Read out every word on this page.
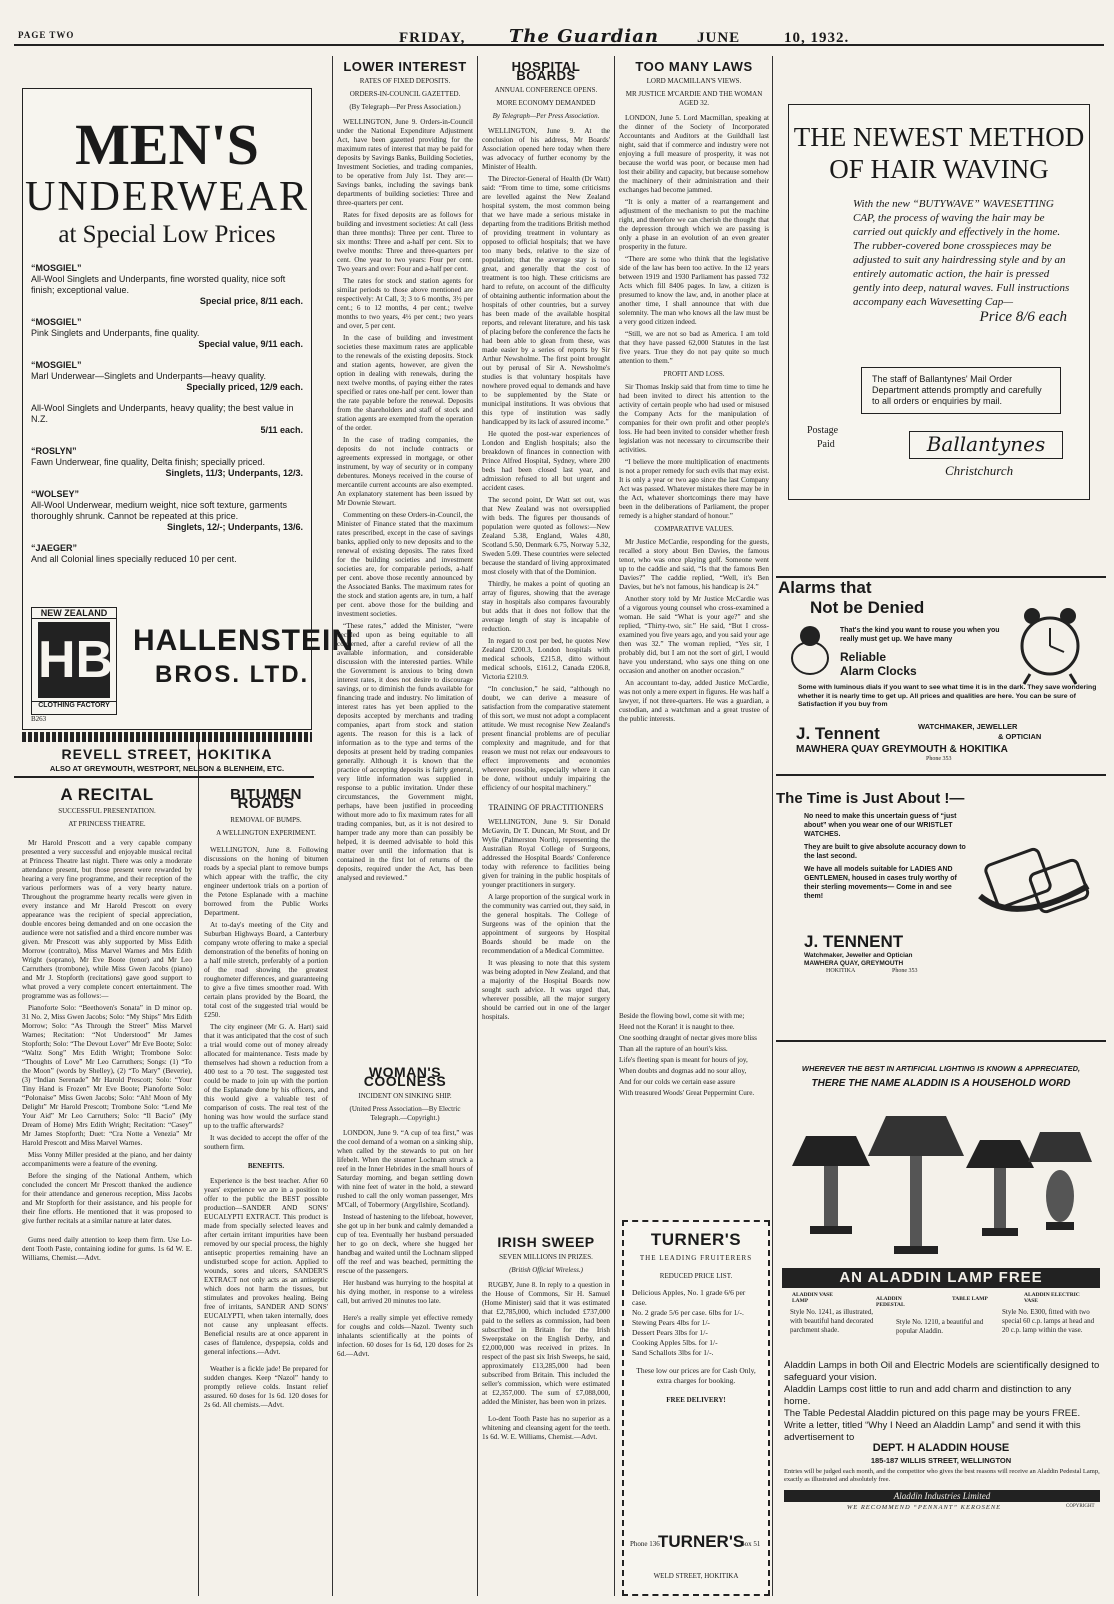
PAGE TWO	FRIDAY, The Guardian	JUNE	10, 1932.
MEN'S
UNDERWEAR
at Special Low Prices
“MOSGIEL”
All-Wool Singlets and Underpants, fine worsted quality, nice soft finish; exceptional value.
Special price, 8/11 each.
“MOSGIEL”
Pink Singlets and Underpants, fine quality.
Special value, 9/11 each.
“MOSGIEL”
Marl Underwear—Singlets and Underpants—heavy quality.
Specially priced, 12/9 each.
All-Wool Singlets and Underpants, heavy quality; the best value in N.Z.
5/11 each.
“ROSLYN”
Fawn Underwear, fine quality, Delta finish; specially priced.
Singlets, 11/3; Underpants, 12/3.
“WOLSEY”
All-Wool Underwear, medium weight, nice soft texture, garments thoroughly shrunk. Cannot be repeated at this price.
Singlets, 12/-; Underpants, 13/6.
“JAEGER”
And all Colonial lines specially reduced 10 per cent.
NEW ZEALAND
HB
CLOTHING FACTORY
HALLENSTEIN
BROS. LTD.
B263
REVELL STREET, HOKITIKA
ALSO AT GREYMOUTH, WESTPORT, NELSON & BLENHEIM, ETC.
A RECITAL
SUCCESSFUL PRESENTATION.
AT PRINCESS THEATRE.

Mr Harold Prescott and a very capable company presented a very successful and enjoyable musical recital at Princess Theatre last night. There was only a moderate attendance present, but those present were rewarded by hearing a very fine programme, and their reception of the various performers was of a very hearty nature. Throughout the programme hearty recalls were given in every instance and Mr Harold Prescott on every appearance was the recipient of special appreciation, double encores being demanded and on one occasion the audience were not satisfied and a third encore number was given. Mr Prescott was ably supported by Miss Edith Morrow (contralto), Miss Marvel Warnes and Mrs Edith Wright (soprano), Mr Eve Boote (tenor) and Mr Leo Carruthers (trombone), while Miss Gwen Jacobs (piano) and Mr J. Stopforth (recitations) gave good support to what proved a very complete concert entertainment. The programme was as follows:—

Pianoforte Solo: “Beethoven's Sonata” in D minor op. 31 No. 2, Miss Gwen Jacobs; Solo: “My Ships” Mrs Edith Morrow; Solo: “As Through the Street” Miss Marvel Warnes; Recitation: “Not Understood” Mr James Stopforth; Solo: “The Devout Lover” Mr Eve Boote; Solo: “Waltz Song” Mrs Edith Wright; Trombone Solo: “Thoughts of Love” Mr Leo Carruthers; Songs: (1) “To the Moon” (words by Shelley), (2) “To Mary” (Beverie), (3) “Indian Serenade” Mr Harold Prescott; Solo: “Your Tiny Hand is Frozen” Mr Eve Boote; Pianoforte Solo: “Polonaise” Miss Gwen Jacobs; Solo: “Ah! Moon of My Delight” Mr Harold Prescott; Trombone Solo: “Lend Me Your Aid” Mr Leo Carruthers; Solo: “Il Bacio” (My Dream of Home) Mrs Edith Wright; Recitation: “Casey” Mr James Stopforth; Duet: “Cra Notte a Venezia” Mr Harold Prescott and Miss Marvel Warnes.

Miss Vonny Miller presided at the piano, and her dainty accompaniments were a feature of the evening.

Before the singing of the National Anthem, which concluded the concert Mr Prescott thanked the audience for their attendance and generous reception, Miss Jacobs and Mr Stopforth for their assistance, and his people for their fine efforts. He mentioned that it was proposed to give further recitals at a similar nature at later dates.

Gums need daily attention to keep them firm. Use Lo-dent Tooth Paste, containing iodine for gums. 1s 6d W. E. Williams, Chemist.—Advt.

BITUMEN ROADS
REMOVAL OF BUMPS.
A WELLINGTON EXPERIMENT.

WELLINGTON, June 8. Following discussions on the honing of bitumen roads by a special plant to remove bumps which appear with the traffic, the city engineer undertook trials on a portion of the Petone Esplanade with a machine borrowed from the Public Works Department.

At to-day's meeting of the City and Suburban Highways Board, a Canterbury company wrote offering to make a special demonstration of the benefits of honing on a half mile stretch, preferably of a portion of the road showing the greatest roughometer differences, and guaranteeing to give a five times smoother road. With certain plans provided by the Board, the total cost of the suggested trial would be £250.

The city engineer (Mr G. A. Hart) said that it was anticipated that the cost of such a trial would come out of money already allocated for maintenance. Tests made by themselves had shown a reduction from a 400 test to a 70 test. The suggested test could be made to join up with the portion of the Esplanade done by his officers, and this would give a valuable test of comparison of costs. The real test of the honing was how would the surface stand up to the traffic afterwards?

It was decided to accept the offer of the southern firm.

BENEFITS.

Experience is the best teacher. After 60 years' experience we are in a position to offer to the public the BEST possible production—SANDER AND SONS' EUCALYPTI EXTRACT. This product is made from specially selected leaves and after certain irritant impurities have been removed by our special process, the highly antiseptic properties remaining have an undisturbed scope for action. Applied to wounds, sores and ulcers, SANDER'S EXTRACT not only acts as an antiseptic which does not harm the tissues, but stimulates and provokes healing. Being free of irritants, SANDER AND SONS' EUCALYPTI, when taken internally, does not cause any unpleasant effects. Beneficial results are at once apparent in cases of flatulence, dyspepsia, colds and general infections.—Advt.

Weather is a fickle jade! Be prepared for sudden changes. Keep “Nazol” handy to promptly relieve colds. Instant relief assured. 60 doses for 1s 6d. 120 doses for 2s 6d. All chemists.—Advt.

LOWER INTEREST
RATES OF FIXED DEPOSITS.
ORDERS-IN-COUNCIL GAZETTED.
(By Telegraph—Per Press Association.)

WELLINGTON, June 9. Orders-in-Council under the National Expenditure Adjustment Act, have been gazetted providing for the maximum rates of interest that may be paid for deposits by Savings Banks, Building Societies, Investment Societies, and trading companies, to be operative from July 1st. They are:— Savings banks, including the savings bank departments of building societies: Three and three-quarters per cent.

Rates for fixed deposits are as follows for building and investment societies: At call (less than three months): Three per cent. Three to six months: Three and a-half per cent. Six to twelve months: Three and three-quarters per cent. One year to two years: Four per cent. Two years and over: Four and a-half per cent.

The rates for stock and station agents for similar periods to those above mentioned are respectively: At Call, 3; 3 to 6 months, 3½ per cent.; 6 to 12 months, 4 per cent.; twelve months to two years, 4½ per cent.; two years and over, 5 per cent.

In the case of building and investment societies these maximum rates are applicable to the renewals of the existing deposits. Stock and station agents, however, are given the option in dealing with renewals, during the next twelve months, of paying either the rates specified or rates one-half per cent. lower than the rate payable before the renewal. Deposits from the shareholders and staff of stock and station agents are exempted from the operation of the order.

In the case of trading companies, the deposits do not include contracts or agreements expressed in mortgage, or other instrument, by way of security or in company debentures. Moneys received in the course of mercantile current accounts are also exempted. An explanatory statement has been issued by Mr Downie Stewart.

Commenting on these Orders-in-Council, the Minister of Finance stated that the maximum rates prescribed, except in the case of savings banks, applied only to new deposits and to the renewal of existing deposits. The rates fixed for the building societies and investment societies are, for comparable periods, a-half per cent. above those recently announced by the Associated Banks. The maximum rates for the stock and station agents are, in turn, a half per cent. above those for the building and investment societies.

“These rates,” added the Minister, “were decided upon as being equitable to all concerned, after a careful review of all the available information, and considerable discussion with the interested parties. While the Government is anxious to bring down interest rates, it does not desire to discourage savings, or to diminish the funds available for financing trade and industry. No limitation of interest rates has yet been applied to the deposits accepted by merchants and trading companies, apart from stock and station agents. The reason for this is a lack of information as to the type and terms of the deposits at present held by trading companies generally. Although it is known that the practice of accepting deposits is fairly general, very little information was supplied in response to a public invitation. Under these circumstances, the Government might, perhaps, have been justified in proceeding without more ado to fix maximum rates for all trading companies, but, as it is not desired to hamper trade any more than can possibly be helped, it is deemed advisable to hold this matter over until the information that is contained in the first lot of returns of the deposits, required under the Act, has been analysed and reviewed.”

WOMAN'S COOLNESS
INCIDENT ON SINKING SHIP.
(United Press Association—By Electric Telegraph.—Copyright.)

LONDON, June 9. “A cup of tea first,” was the cool demand of a woman on a sinking ship, when called by the stewards to put on her lifebelt. When the steamer Lochnam struck a reef in the Inner Hebrides in the small hours of Saturday morning, and began settling down with nine feet of water in the hold, a steward rushed to call the only woman passenger, Mrs M'Call, of Tobermory (Argyllshire, Scotland).

Instead of hastening to the lifeboat, however, she got up in her bunk and calmly demanded a cup of tea. Eventually her husband persuaded her to go on deck, where she hugged her handbag and waited until the Lochnam slipped off the reef and was beached, permitting the rescue of the passengers.

Her husband was hurrying to the hospital at his dying mother, in response to a wireless call, but arrived 20 minutes too late.

Here's a really simple yet effective remedy for coughs and colds—Nazol. Twenty such inhalants scientifically at the points of infection. 60 doses for 1s 6d, 120 doses for 2s 6d.—Advt.

HOSPITAL BOARDS
ANNUAL CONFERENCE OPENS.
MORE ECONOMY DEMANDED
By Telegraph—Per Press Association.

WELLINGTON, June 9. At the conclusion of his address, Mr Boards' Association opened here today when there was advocacy of further economy by the Minister of Health.

The Director-General of Health (Dr Watt) said: “From time to time, some criticisms are levelled against the New Zealand hospital system, the most common being that we have made a serious mistake in departing from the traditions British method of providing treatment in voluntary as opposed to official hospitals; that we have too many beds, relative to the size of population; that the average stay is too great, and generally that the cost of treatment is too high. These criticisms are hard to refute, on account of the difficulty of obtaining authentic information about the hospitals of other countries, but a survey has been made of the available hospital reports, and relevant literature, and his task of placing before the conference the facts he had been able to glean from these, was made easier by a series of reports by Sir Arthur Newsholme. The first point brought out by perusal of Sir A. Newsholme's studies is that voluntary hospitals have nowhere proved equal to demands and have to be supplemented by the State or municipal institutions. It was obvious that this type of institution was sadly handicapped by its lack of assured income.”

He quoted the post-war experiences of London and English hospitals; also the breakdown of finances in connection with Prince Alfred Hospital, Sydney, where 200 beds had been closed last year, and admission refused to all but urgent and accident cases.

The second point, Dr Watt set out, was that New Zealand was not oversupplied with beds. The figures per thousands of population were quoted as follows:—New Zealand 5.38, England, Wales 4.80, Scotland 5.50, Denmark 6.75, Norway 5.32, Sweden 5.09. These countries were selected because the standard of living approximated most closely with that of the Dominion.

Thirdly, he makes a point of quoting an array of figures, showing that the average stay in hospitals also compares favourably but adds that it does not follow that the average length of stay is incapable of reduction.

In regard to cost per bed, he quotes New Zealand £200.3, London hospitals with medical schools, £215.8, ditto without medical schools, £161.2, Canada £206.8, Victoria £210.9.

“In conclusion,” he said, “although no doubt, we can derive a measure of satisfaction from the comparative statement of this sort, we must not adopt a complacent attitude. We must recognise New Zealand's present financial problems are of peculiar complexity and magnitude, and for that reason we must not relax our endeavours to effect improvements and economies wherever possible, especially where it can be done, without unduly impairing the efficiency of our hospital machinery.”

TRAINING OF PRACTITIONERS

WELLINGTON, June 9. Sir Donald McGavin, Dr T. Duncan, Mr Stout, and Dr Wylie (Palmerston North), representing the Australian Royal College of Surgeons, addressed the Hospital Boards' Conference today with reference to facilities being given for training in the public hospitals of younger practitioners in surgery.

A large proportion of the surgical work in the community was carried out, they said, in the general hospitals. The College of Surgeons was of the opinion that the appointment of surgeons by Hospital Boards should be made on the recommendation of a Medical Committee.

It was pleasing to note that this system was being adopted in New Zealand, and that a majority of the Hospital Boards now sought such advice. It was urged that, wherever possible, all the major surgery should be carried out in one of the larger hospitals.

IRISH SWEEP
SEVEN MILLIONS IN PRIZES.
(British Official Wireless.)

RUGBY, June 8. In reply to a question in the House of Commons, Sir H. Samuel (Home Minister) said that it was estimated that £2,785,000, which included £737,000 paid to the sellers as commission, had been subscribed in Britain for the Irish Sweepstake on the English Derby, and £2,000,000 was received in prizes. In respect of the past six Irish Sweeps, he said, approximately £13,285,000 had been subscribed from Britain. This included the seller's commission, which were estimated at £2,357,000. The sum of £7,088,000, added the Minister, has been won in prizes.

Lo-dent Tooth Paste has no superior as a whitening and cleansing agent for the teeth. 1s 6d. W. E. Williams, Chemist.—Advt.

TOO MANY LAWS
LORD MACMILLAN'S VIEWS.
MR JUSTICE M'CARDIE AND THE WOMAN AGED 32.

LONDON, June 5. Lord Macmillan, speaking at the dinner of the Society of Incorporated Accountants and Auditors at the Guildhall last night, said that if commerce and industry were not enjoying a full measure of prosperity, it was not because the world was poor, or because men had lost their ability and capacity, but because somehow the machinery of their administration and their exchanges had become jammed.

“It is only a matter of a rearrangement and adjustment of the mechanism to put the machine right, and therefore we can cherish the thought that the depression through which we are passing is only a phase in an evolution of an even greater prosperity in the future.

“There are some who think that the legislative side of the law has been too active. In the 12 years between 1919 and 1930 Parliament has passed 732 Acts which fill 8406 pages. In law, a citizen is presumed to know the law, and, in another place at another time, I shall announce that with due solemnity. The man who knows all the law must be a very good citizen indeed.

“Still, we are not so bad as America. I am told that they have passed 62,000 Statutes in the last five years. True they do not pay quite so much attention to them.”

PROFIT AND LOSS.

Sir Thomas Inskip said that from time to time he had been invited to direct his attention to the activity of certain people who had used or misused the Company Acts for the manipulation of companies for their own profit and other people's loss. He had been invited to consider whether fresh legislation was not necessary to circumscribe their activities.

“I believe the more multiplication of enactments is not a proper remedy for such evils that may exist. It is only a year or two ago since the last Company Act was passed. Whatever mistakes there may be in the Act, whatever shortcomings there may have been in the deliberations of Parliament, the proper remedy is a higher standard of honour.”

COMPARATIVE VALUES.

Mr Justice McCardie, responding for the guests, recalled a story about Ben Davies, the famous tenor, who was once playing golf. Someone went up to the caddie and said, “Is that the famous Ben Davies?” The caddie replied, “Well, it's Ben Davies, but he's not famous, his handicap is 24.”

Another story told by Mr Justice McCardie was of a vigorous young counsel who cross-examined a woman. He said “What is your age?” and she replied, “Thirty-two, sir.” He said, “But I cross-examined you five years ago, and you said your age then was 32.” The woman replied, “Yes sir, I probably did, but I am not the sort of girl, I would have you understand, who says one thing on one occasion and another on another occasion.”

An accountant to-day, added Justice McCardie, was not only a mere expert in figures. He was half a lawyer, if not three-quarters. He was a guardian, a custodian, and a watchman and a great trustee of the public interests.

Beside the flowing bowl, come sit with me;
Heed not the Koran! it is naught to thee.
One soothing draught of nectar gives more bliss
Than all the rapture of an houri's kiss.
Life's fleeting span is meant for hours of joy,
When doubts and dogmas add no sour alloy,
And for our colds we certain ease assure
With treasured Woods' Great Peppermint Cure.
TURNER'S
THE LEADING FRUITERERS
REDUCED PRICE LIST.
Delicious Apples, No. 1 grade 6/6 per case.
No. 2 grade 5/6 per case. 6lbs for 1/-.
Stewing Pears 4lbs for 1/-
Dessert Pears 3lbs for 1/-
Cooking Apples 5lbs. for 1/-
Sand Schallots 3lbs for 1/-.
These low our prices are for Cash Only, extra charges for booking.
FREE DELIVERY!
Phone 136
TURNER'S
Box 51
WELD STREET, HOKITIKA
THE NEWEST METHOD
OF HAIR WAVING
With the new “BUTYWAVE” WAVESETTING CAP, the process of waving the hair may be carried out quickly and effectively in the home. The rubber-covered bone crosspieces may be adjusted to suit any hairdressing style and by an entirely automatic action, the hair is pressed gently into deep, natural waves. Full instructions accompany each Wavesetting Cap—
Price 8/6 each
The staff of Ballantynes' Mail Order Department attends promptly and carefully to all orders or enquiries by mail.
Postage
Paid	Ballantynes
Christchurch
Alarms that
Not be Denied
That's the kind you want to rouse you when you really must get up. We have many
Reliable
Alarm Clocks
Some with luminous dials if you want to see what time it is in the dark. They save wondering whether it is nearly time to get up. All prices and qualities are here. You can be sure of Satisfaction if you buy from
J. Tennent	WATCHMAKER, JEWELLER
& OPTICIAN
MAWHERA QUAY GREYMOUTH & HOKITIKA
Phone 353
The Time is Just About !—
No need to make this uncertain guess of “just about” when you wear one of our WRISTLET WATCHES.
They are built to give absolute accuracy down to the last second.
We have all models suitable for LADIES AND GENTLEMEN, housed in cases truly worthy of their sterling movements— Come in and see them!
J. TENNENT
Watchmaker, Jeweller and Optician
MAWHERA QUAY, GREYMOUTH
HOKITIKA	Phone 353
WHEREVER THE BEST IN ARTIFICIAL LIGHTING IS KNOWN & APPRECIATED,
THERE THE NAME ALADDIN IS A HOUSEHOLD WORD
AN ALADDIN LAMP FREE
ALADDIN VASE LAMP	ALADDIN PEDESTAL
TABLE LAMP
ALADDIN ELECTRIC VASE
Style No. 1241, as illustrated, with beautiful hand decorated parchment shade.
Style No. 1210, a beautiful and popular Aladdin.
Style No. E300, fitted with two special 60 c.p. lamps at head and 20 c.p. lamp within the vase.
Aladdin Lamps in both Oil and Electric Models are scientifically designed to safeguard your vision.
Aladdin Lamps cost little to run and add charm and distinction to any home.
The Table Pedestal Aladdin pictured on this page may be yours FREE. Write a letter, titled “Why I Need an Aladdin Lamp” and send it with this advertisement to
DEPT. H ALADDIN HOUSE
185-187 WILLIS STREET, WELLINGTON
Entries will be judged each month, and the competitor who gives the best reasons will receive an Aladdin Pedestal Lamp, exactly as illustrated and absolutely free.
Aladdin Industries Limited
WE RECOMMEND “PENNANT” KEROSENE	COPYRIGHT
